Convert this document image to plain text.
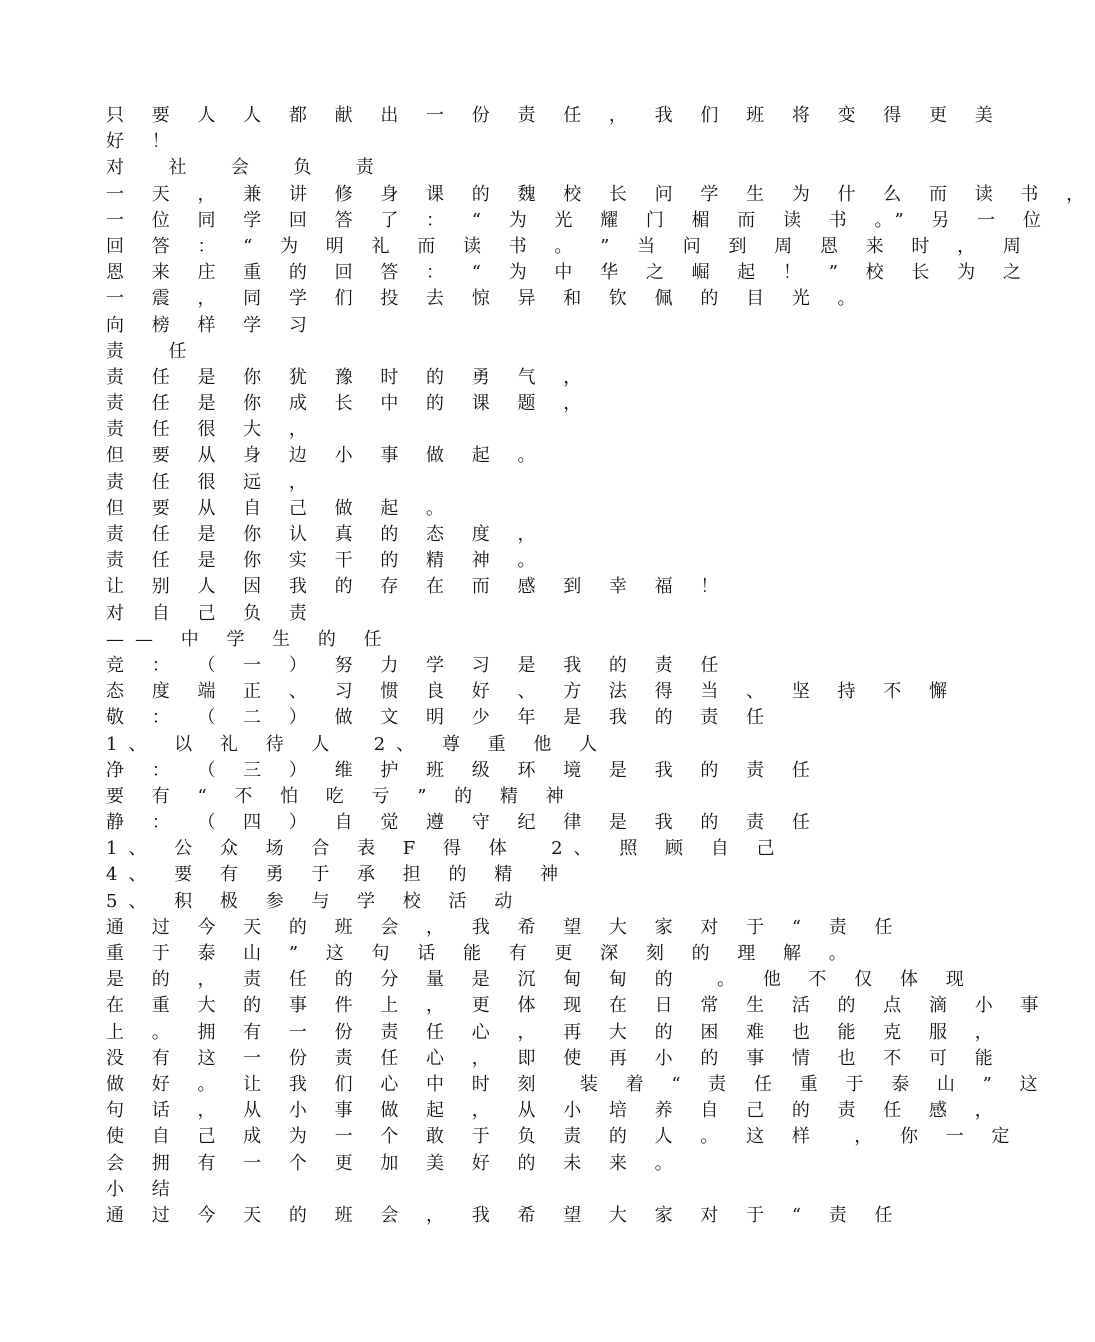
只 要 人 人 都 献 出 一 份 责 任 ， 我 们 班 将 变 得 更 美
好 ！
对  社  会  负  责
一 天 ， 兼 讲 修 身 课 的 魏 校 长 问 学 生 为 什 么 而 读 书 ，
一 位 同 学 回 答 了 ： “ 为 光 耀 门 楣 而 读 书 。” 另 一 位
回 答 ： “ 为 明 礼 而 读 书 。 ” 当 问 到 周 恩 来 时 ， 周
恩 来 庄 重 的 回 答 ： “ 为 中 华 之 崛 起 ！ ” 校 长 为 之
一 震 ， 同 学 们 投 去 惊 异 和 钦 佩 的 目 光 。
向 榜 样 学 习
责  任
责 任 是 你 犹 豫 时 的 勇 气 ，
责 任 是 你 成 长 中 的 课 题 ，
责 任 很 大 ，
但 要 从 身 边 小 事 做 起 。
责 任 很 远 ，
但 要 从 自 己 做 起 。
责 任 是 你 认 真 的 态 度 ，
责 任 是 你 实 干 的 精 神 。
让 别 人 因 我 的 存 在 而 感 到 幸 福 ！
对 自 己 负 责
—— 中 学 生 的 任
竞 ： （ 一 ） 努 力 学 习 是 我 的 责 任
态 度 端 正 、 习 惯 良 好 、 方 法 得 当 、 坚 持 不 懈
敬 ： （ 二 ） 做 文 明 少 年 是 我 的 责 任
1、 以 礼 待 人  2、 尊 重 他 人
净 ： （ 三 ） 维 护 班 级 环 境 是 我 的 责 任
要 有 “ 不 怕 吃 亏 ” 的 精 神
静 ： （ 四 ） 自 觉 遵 守 纪 律 是 我 的 责 任
1、 公 众 场 合 表 F 得 体  2、 照 顾 自 己
4、 要 有 勇 于 承 担 的 精 神
5、 积 极 参 与 学 校 活 动
通 过 今 天 的 班 会 ， 我 希 望 大 家 对 于 “ 责 任
重 于 泰 山 ” 这 句 话 能 有 更 深 刻 的 理 解 。
是 的 ， 责 任 的 分 量 是 沉 甸 甸 的  。 他 不 仅 体 现
在 重 大 的 事 件 上 ， 更 体 现 在 日 常 生 活 的 点 滴 小 事
上 。 拥 有 一 份 责 任 心 ， 再 大 的 困 难 也 能 克 服 ，
没 有 这 一 份 责 任 心 ， 即 使 再 小 的 事 情 也 不 可 能
做 好 。 让 我 们 心 中 时 刻  装 着 “ 责 任 重 于 泰 山 ” 这
句 话 ， 从 小 事 做 起 ， 从 小 培 养 自 己 的 责 任 感 ，
使 自 己 成 为 一 个 敢 于 负 责 的 人 。 这 样  ， 你 一 定
会 拥 有 一 个 更 加 美 好 的 未 来 。
小 结
通 过 今 天 的 班 会 ， 我 希 望 大 家 对 于 “ 责 任
